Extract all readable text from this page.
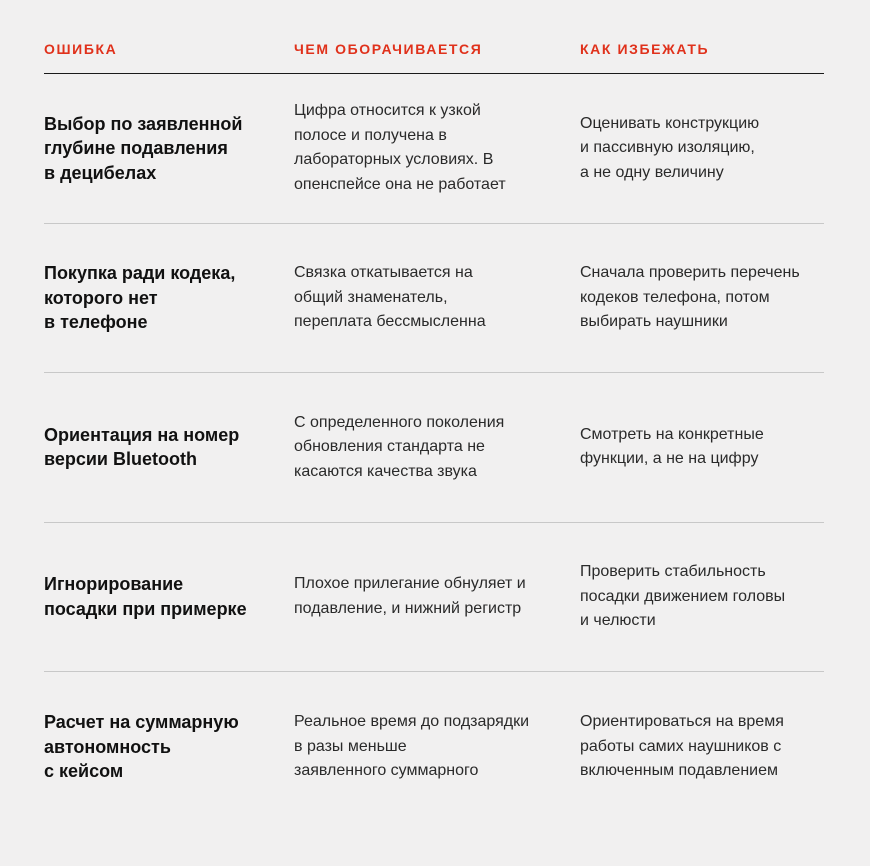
ОШИБКА	ЧЕМ ОБОРАЧИВАЕТСЯ	КАК ИЗБЕЖАТЬ
Выбор по заявленной
глубине подавления
в децибелах
Цифра относится к узкой
полосе и получена в
лабораторных условиях. В
опенспейсе она не работает
Оценивать конструкцию
и пассивную изоляцию,
а не одну величину
Покупка ради кодека,
которого нет
в телефоне
Связка откатывается на
общий знаменатель,
переплата бессмысленна
Сначала проверить перечень
кодеков телефона, потом
выбирать наушники
Ориентация на номер
версии Bluetooth
С определенного поколения
обновления стандарта не
касаются качества звука
Смотреть на конкретные
функции, а не на цифру
Игнорирование
посадки при примерке
Плохое прилегание обнуляет и
подавление, и нижний регистр
Проверить стабильность
посадки движением головы
и челюсти
Расчет на суммарную
автономность
с кейсом
Реальное время до подзарядки
в разы меньше
заявленного суммарного
Ориентироваться на время
работы самих наушников с
включенным подавлением
